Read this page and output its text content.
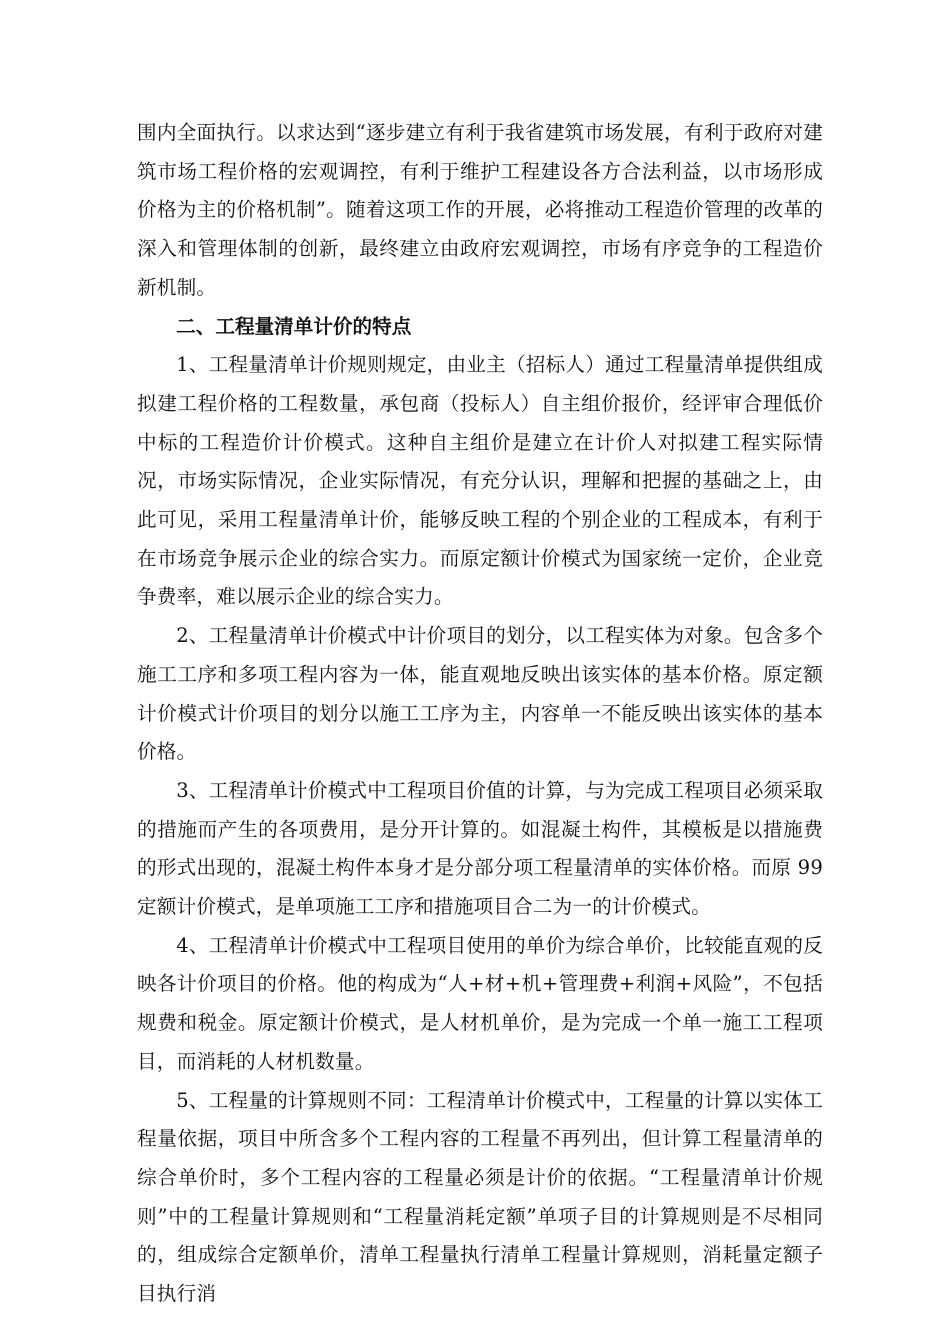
围内全面执行。以求达到“逐步建立有利于我省建筑市场发展，有利于政府对建筑市场工程价格的宏观调控，有利于维护工程建设各方合法利益，以市场形成价格为主的价格机制”。随着这项工作的开展，必将推动工程造价管理的改革的深入和管理体制的创新，最终建立由政府宏观调控，市场有序竞争的工程造价新机制。

二、工程量清单计价的特点

1、工程量清单计价规则规定，由业主（招标人）通过工程量清单提供组成拟建工程价格的工程数量，承包商（投标人）自主组价报价，经评审合理低价中标的工程造价计价模式。这种自主组价是建立在计价人对拟建工程实际情况，市场实际情况，企业实际情况，有充分认识，理解和把握的基础之上，由此可见，采用工程量清单计价，能够反映工程的个别企业的工程成本，有利于在市场竞争展示企业的综合实力。而原定额计价模式为国家统一定价，企业竞争费率，难以展示企业的综合实力。

2、工程量清单计价模式中计价项目的划分，以工程实体为对象。包含多个施工工序和多项工程内容为一体，能直观地反映出该实体的基本价格。原定额计价模式计价项目的划分以施工工序为主，内容单一不能反映出该实体的基本价格。

3、工程清单计价模式中工程项目价值的计算，与为完成工程项目必须采取的措施而产生的各项费用，是分开计算的。如混凝土构件，其模板是以措施费的形式出现的，混凝土构件本身才是分部分项工程量清单的实体价格。而原 99 定额计价模式，是单项施工工序和措施项目合二为一的计价模式。

4、工程清单计价模式中工程项目使用的单价为综合单价，比较能直观的反映各计价项目的价格。他的构成为“人+材+机+管理费+利润+风险”，不包括规费和税金。原定额计价模式，是人材机单价，是为完成一个单一施工工程项目，而消耗的人材机数量。

5、工程量的计算规则不同：工程清单计价模式中，工程量的计算以实体工程量依据，项目中所含多个工程内容的工程量不再列出，但计算工程量清单的综合单价时，多个工程内容的工程量必须是计价的依据。“工程量清单计价规则”中的工程量计算规则和“工程量消耗定额”单项子目的计算规则是不尽相同的，组成综合定额单价，清单工程量执行清单工程量计算规则，消耗量定额子目执行消
